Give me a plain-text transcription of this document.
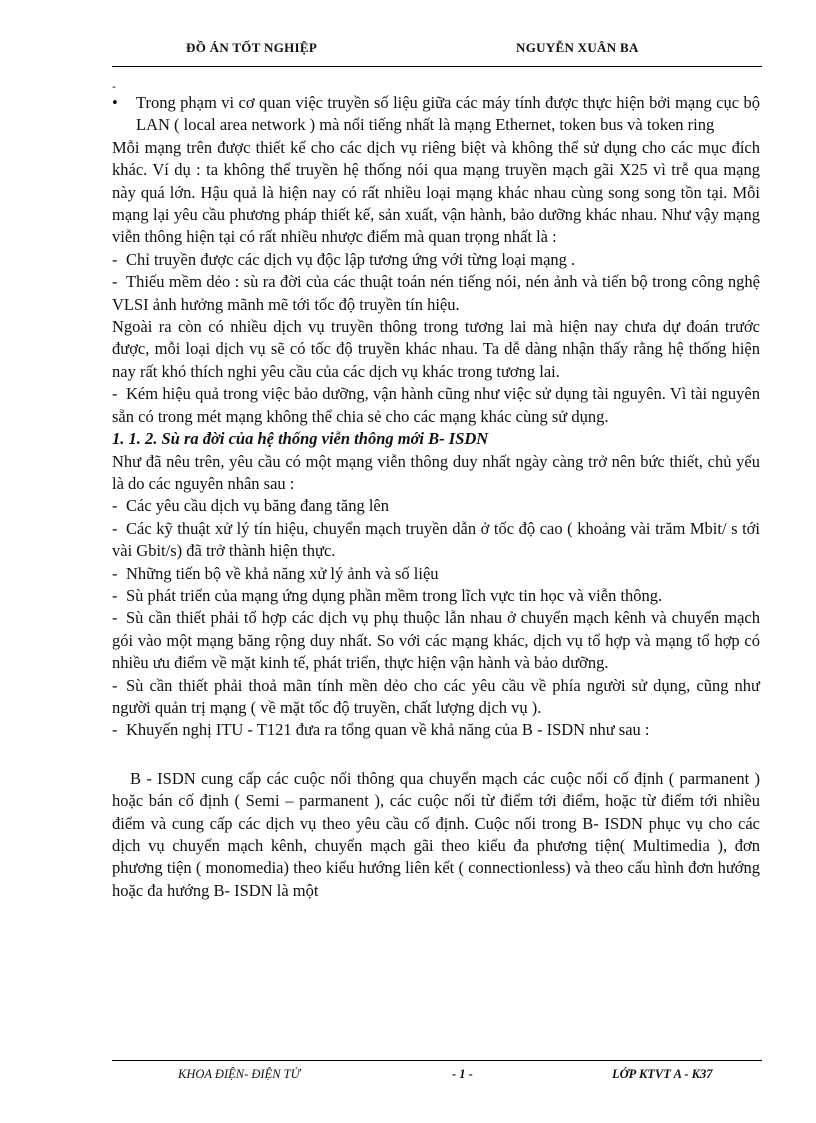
ĐỒ ÁN TỐT NGHIỆP	NGUYỄN XUÂN BA

-

•	Trong phạm vi cơ quan việc truyền số liệu giữa các máy tính được thực hiện bởi mạng cục bộ LAN ( local area network ) mà nổi tiếng nhất là mạng Ethernet, token bus và token ring

Mỗi mạng trên được thiết kế cho các dịch vụ riêng biệt và không thể sử dụng cho các mục đích khác. Ví dụ : ta không thể truyền hệ thống nói qua mạng truyền mạch gãi X25 vì trễ qua mạng này quá lớn. Hậu quả là hiện nay có rất nhiều loại mạng khác nhau cùng song song tồn tại. Mỗi mạng lại yêu cầu phương pháp thiết kế, sản xuất, vận hành, bảo dưỡng khác nhau. Như vậy mạng viễn thông hiện tại có rất nhiều nhược điểm mà quan trọng nhất là :

- Chỉ truyền được các dịch vụ độc lập tương ứng với từng loại mạng .

- Thiếu mềm dẻo : sù ra đời của các thuật toán nén tiếng nói, nén ảnh và tiến bộ trong công nghệ VLSI ảnh hưởng mãnh mẽ tới tốc độ truyền tín hiệu.

Ngoài ra còn có nhiều dịch vụ truyền thông trong tương lai mà hiện nay chưa dự đoán trước được, mỗi loại dịch vụ sẽ có tốc độ truyền khác nhau. Ta dễ dàng nhận thấy rằng hệ thống hiện nay rất khó thích nghi yêu cầu của các dịch vụ khác trong tương lai.

- Kém hiệu quả trong việc bảo dưỡng, vận hành cũng như việc sử dụng tài nguyên. Vì tài nguyên sẵn có trong mét mạng không thể chia sẻ cho các mạng khác cùng sử dụng.

1. 1. 2. Sù ra đời của hệ thống viễn thông mới B- ISDN

Như đã nêu trên, yêu cầu có một mạng viễn thông duy nhất ngày càng trở nên bức thiết, chủ yếu là do các nguyên nhân sau :

- Các yêu cầu dịch vụ băng đang tăng lên

- Các kỹ thuật xử lý tín hiệu, chuyển mạch truyền dẫn ở tốc độ cao ( khoảng vài trăm Mbit/ s tới vài Gbit/s) đã trở thành hiện thực.

- Những tiến bộ về khả năng xử lý ảnh và số liệu

- Sù phát triển của mạng ứng dụng phần mềm trong lĩch vực tin học và viễn thông.

- Sù cần thiết phải tổ hợp các dịch vụ phụ thuộc lẫn nhau ở chuyển mạch kênh và chuyển mạch gói vào một mạng băng rộng duy nhất. So với các mạng khác, dịch vụ tổ hợp và mạng tổ hợp có nhiều ưu điểm về mặt kinh tế, phát triển, thực hiện vận hành và bảo dưỡng.

- Sù cần thiết phải thoả mãn tính mền dẻo cho các yêu cầu về phía người sử dụng, cũng như người quản trị mạng ( về mặt tốc độ truyền, chất lượng dịch vụ ).

- Khuyến nghị ITU - T121 đưa ra tổng quan về khả năng của B - ISDN như sau :

B - ISDN cung cấp các cuộc nối thông qua chuyển mạch các cuộc nối cố định ( parmanent ) hoặc bán cố định ( Semi – parmanent ), các cuộc nối từ điểm tới điểm, hoặc từ điểm tới nhiều điểm và cung cấp các dịch vụ theo yêu cầu cố định. Cuộc nối trong B- ISDN phục vụ cho các dịch vụ chuyển mạch kênh, chuyển mạch gãi theo kiểu đa phương tiện( Multimedia ), đơn phương tiện ( monomedia) theo kiểu hướng liên kết ( connectionless) và theo cấu hình đơn hướng hoặc đa hướng B- ISDN là một

KHOA ĐIỆN- ĐIỆN TỬ	- 1 -	LỚP KTVT A - K37
